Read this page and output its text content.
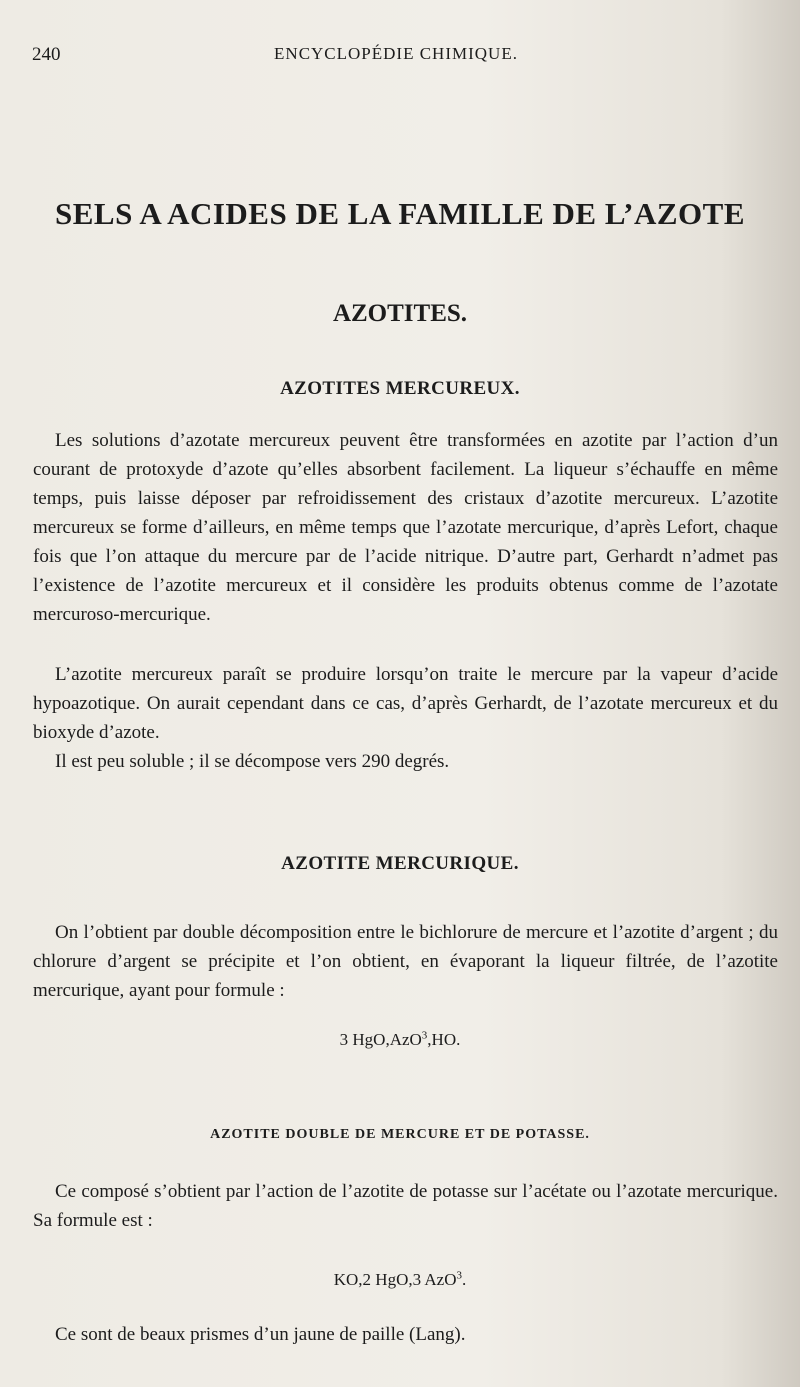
240	ENCYCLOPÉDIE CHIMIQUE.
SELS A ACIDES DE LA FAMILLE DE L’AZOTE
AZOTITES.
AZOTITES MERCUREUX.

Les solutions d’azotate mercureux peuvent être transformées en azotite par l’action d’un courant de protoxyde d’azote qu’elles absorbent facilement. La liqueur s’échauffe en même temps, puis laisse déposer par refroidissement des cristaux d’azotite mercureux. L’azotite mercureux se forme d’ailleurs, en même temps que l’azotate mercurique, d’après Lefort, chaque fois que l’on attaque du mercure par de l’acide nitrique. D’autre part, Gerhardt n’admet pas l’existence de l’azotite mercureux et il considère les produits obtenus comme de l’azotate mercuroso-mercurique.

L’azotite mercureux paraît se produire lorsqu’on traite le mercure par la vapeur d’acide hypoazotique. On aurait cependant dans ce cas, d’après Gerhardt, de l’azotate mercureux et du bioxyde d’azote.

Il est peu soluble ; il se décompose vers 290 degrés.

AZOTITE MERCURIQUE.

On l’obtient par double décomposition entre le bichlorure de mercure et l’azotite d’argent ; du chlorure d’argent se précipite et l’on obtient, en évaporant la liqueur filtrée, de l’azotite mercurique, ayant pour formule :

3 HgO,AzO$^3$,HO.
AZOTITE DOUBLE DE MERCURE ET DE POTASSE.

Ce composé s’obtient par l’action de l’azotite de potasse sur l’acétate ou l’azotate mercurique. Sa formule est :

KO,2 HgO,3 AzO$^3$.

Ce sont de beaux prismes d’un jaune de paille (Lang).
